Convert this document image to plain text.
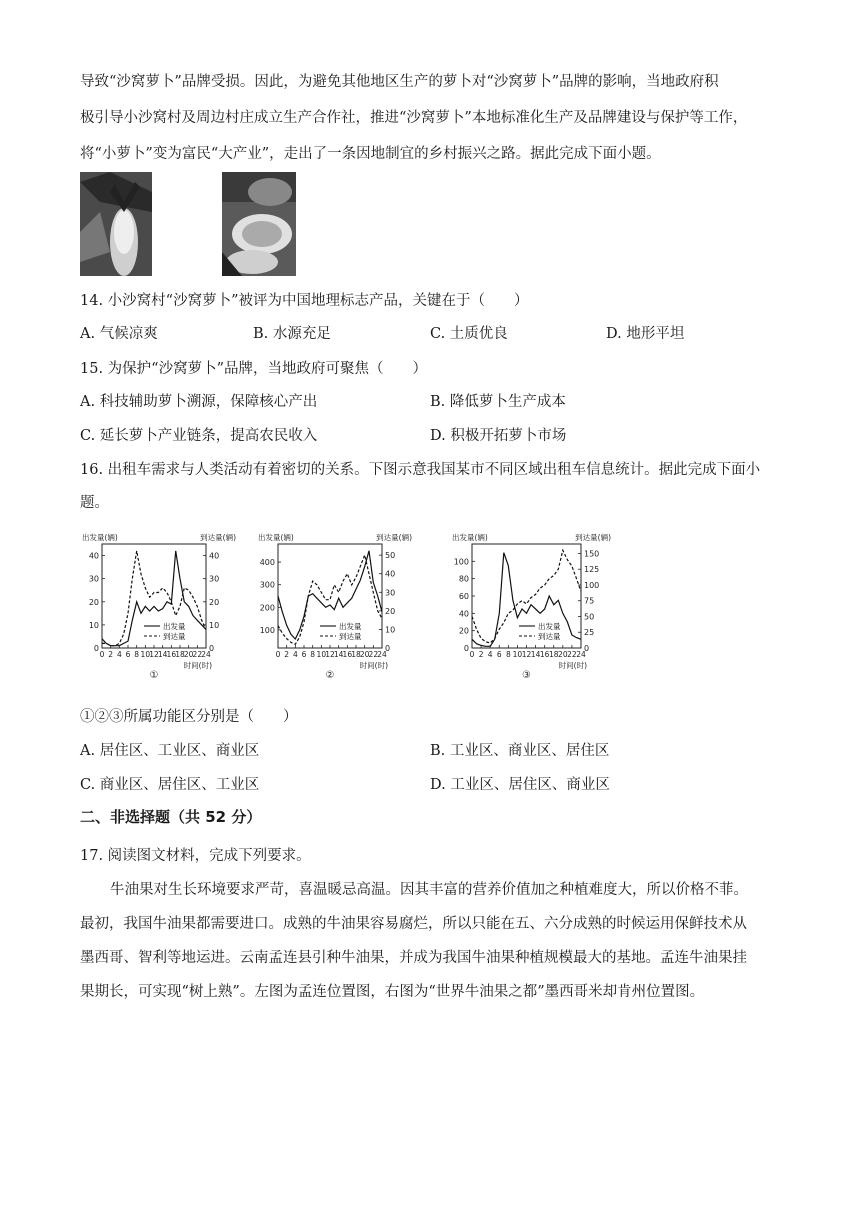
导致“沙窝萝卜”品牌受损。因此，为避免其他地区生产的萝卜对“沙窝萝卜”品牌的影响，当地政府积
极引导小沙窝村及周边村庄成立生产合作社，推进“沙窝萝卜”本地标准化生产及品牌建设与保护等工作，
将“小萝卜”变为富民“大产业”，走出了一条因地制宜的乡村振兴之路。据此完成下面小题。
14. 小沙窝村“沙窝萝卜”被评为中国地理标志产品，关键在于（　　）
A. 气候凉爽	B. 水源充足	C. 土质优良	D. 地形平坦
15. 为保护“沙窝萝卜”品牌，当地政府可聚焦（　　）
A. 科技辅助萝卜溯源，保障核心产出	B. 降低萝卜生产成本
C. 延长萝卜产业链条，提高农民收入	D. 积极开拓萝卜市场
16. 出租车需求与人类活动有着密切的关系。下图示意我国某市不同区域出租车信息统计。据此完成下面小
题。
出发量(辆)	到达量(辆)
0
10
20
30
40
0
10
20
30
40
0 2 4 6 8 10 12 14 16 18 20 22 24
时间(时)
①
出发量
到达量
出发量(辆)	到达量(辆)
100
200
300
400
0
10
20
30
40
50
0 2 4 6 8 10 12 14 16 18 20 22 24
时间(时)
②
出发量
到达量
出发量(辆)	到达量(辆)
0
20
40
60
80
100
0
25
50
75
100
125
150
0 2 4 6 8 10 12 14 16 18 20 22 24
时间(时)
③
出发量
到达量
①②③所属功能区分别是（　　）
A. 居住区、工业区、商业区	B. 工业区、商业区、居住区
C. 商业区、居住区、工业区	D. 工业区、居住区、商业区
二、非选择题（共 52 分）
17. 阅读图文材料，完成下列要求。
牛油果对生长环境要求严苛，喜温暖忌高温。因其丰富的营养价值加之种植难度大，所以价格不菲。
最初，我国牛油果都需要进口。成熟的牛油果容易腐烂，所以只能在五、六分成熟的时候运用保鲜技术从
墨西哥、智利等地运进。云南孟连县引种牛油果，并成为我国牛油果种植规模最大的基地。孟连牛油果挂
果期长，可实现“树上熟”。左图为孟连位置图，右图为“世界牛油果之都”墨西哥米却肯州位置图。
